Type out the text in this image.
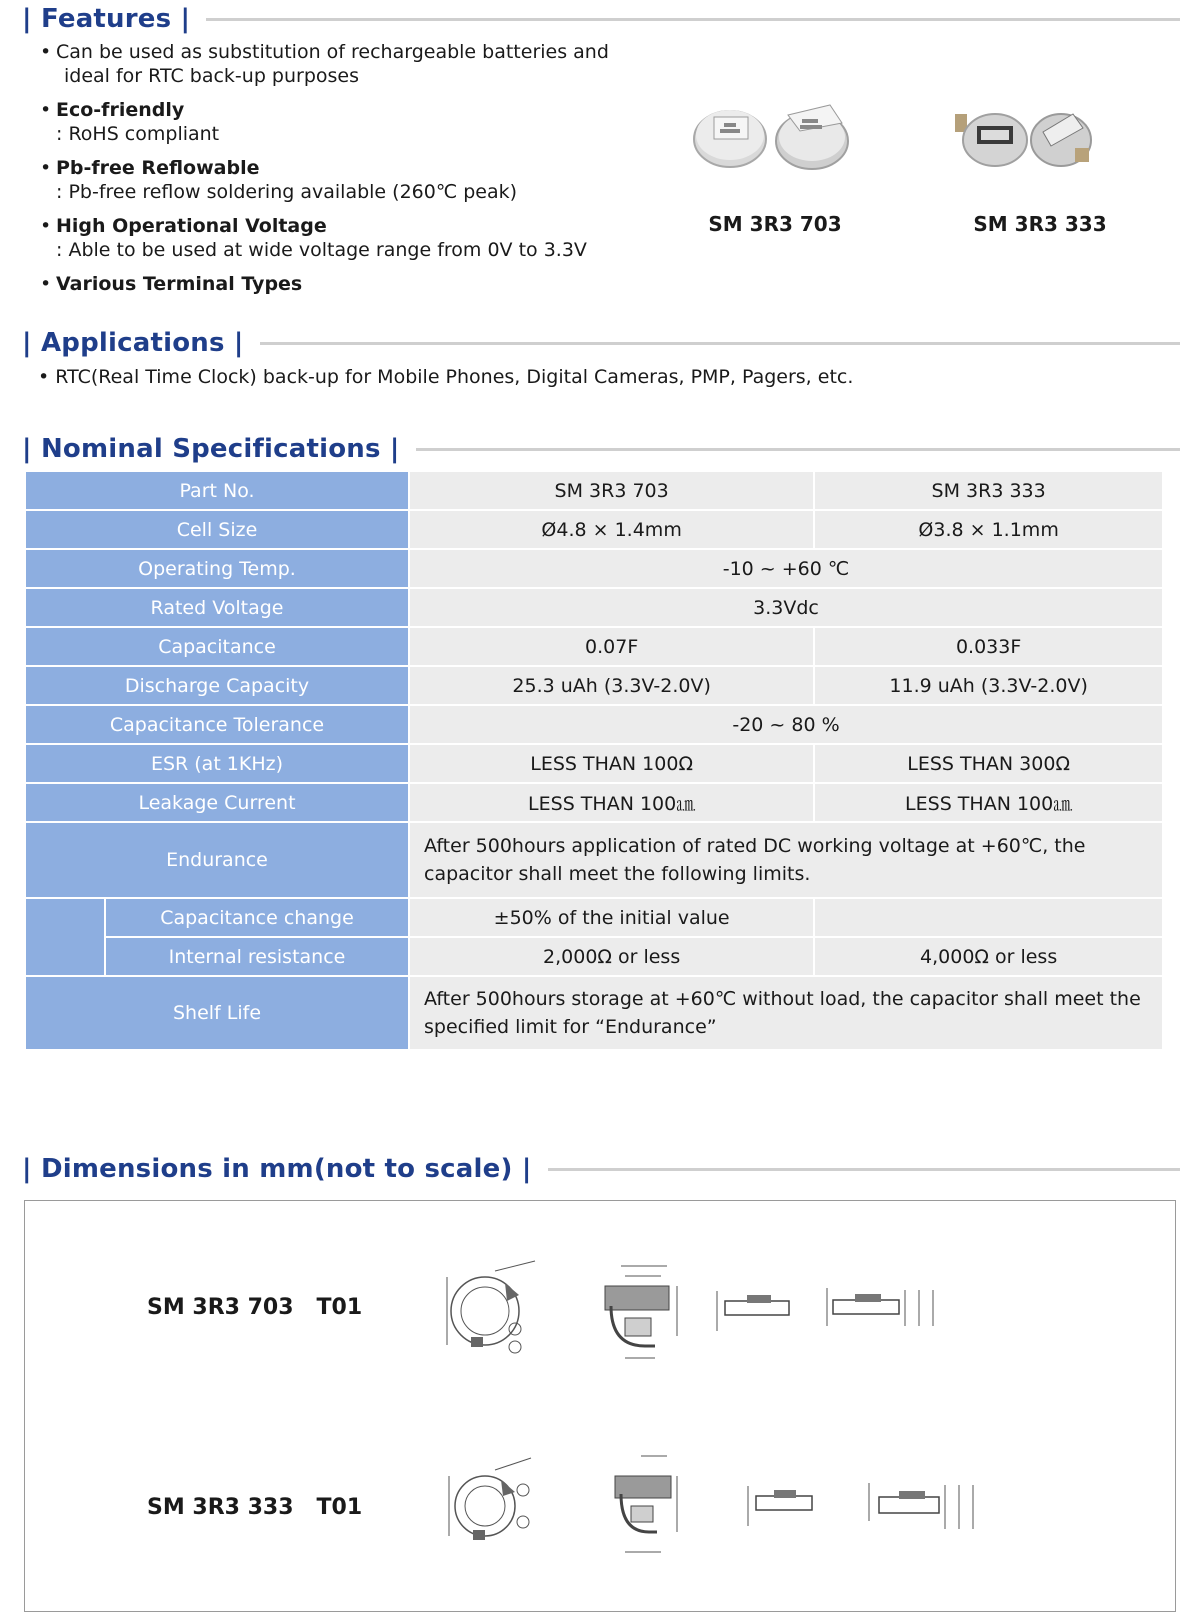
| Features |
• Can be used as substitution of rechargeable batteries and
ideal for RTC back-up purposes
• Eco-friendly
: RoHS compliant
• Pb-free Reflowable
: Pb-free reflow soldering available (260℃ peak)
• High Operational Voltage
: Able to be used at wide voltage range from 0V to 3.3V
• Various Terminal Types
SM 3R3 703	SM 3R3 333
| Applications |
• RTC(Real Time Clock) back-up for Mobile Phones, Digital Cameras, PMP, Pagers, etc.
| Nominal Specifications |
Part No.		SM 3R3 703	SM 3R3 333
Cell Size		Ø4.8 × 1.4mm	Ø3.8 × 1.1mm
Operating Temp.		-10 ~ +60 ℃	
Rated Voltage		3.3Vdc	
Capacitance		0.07F	0.033F
Discharge Capacity		25.3 uAh (3.3V-2.0V)	11.9 uAh (3.3V-2.0V)
Capacitance Tolerance		-20 ~ 80 %	
ESR (at 1KHz)		LESS THAN 100Ω	LESS THAN 300Ω
Leakage Current		LESS THAN 100㏂	LESS THAN 100㏂
Endurance		After 500hours application of rated DC working voltage at +60℃, the capacitor shall meet the following limits.	
	Capacitance change	±50% of the initial value	
	Internal resistance	2,000Ω or less	4,000Ω or less
Shelf Life		After 500hours storage at +60℃ without load, the capacitor shall meet the specified limit for “Endurance”	
| Dimensions in mm(not to scale) |
SM 3R3 703   T01
SM 3R3 333   T01
